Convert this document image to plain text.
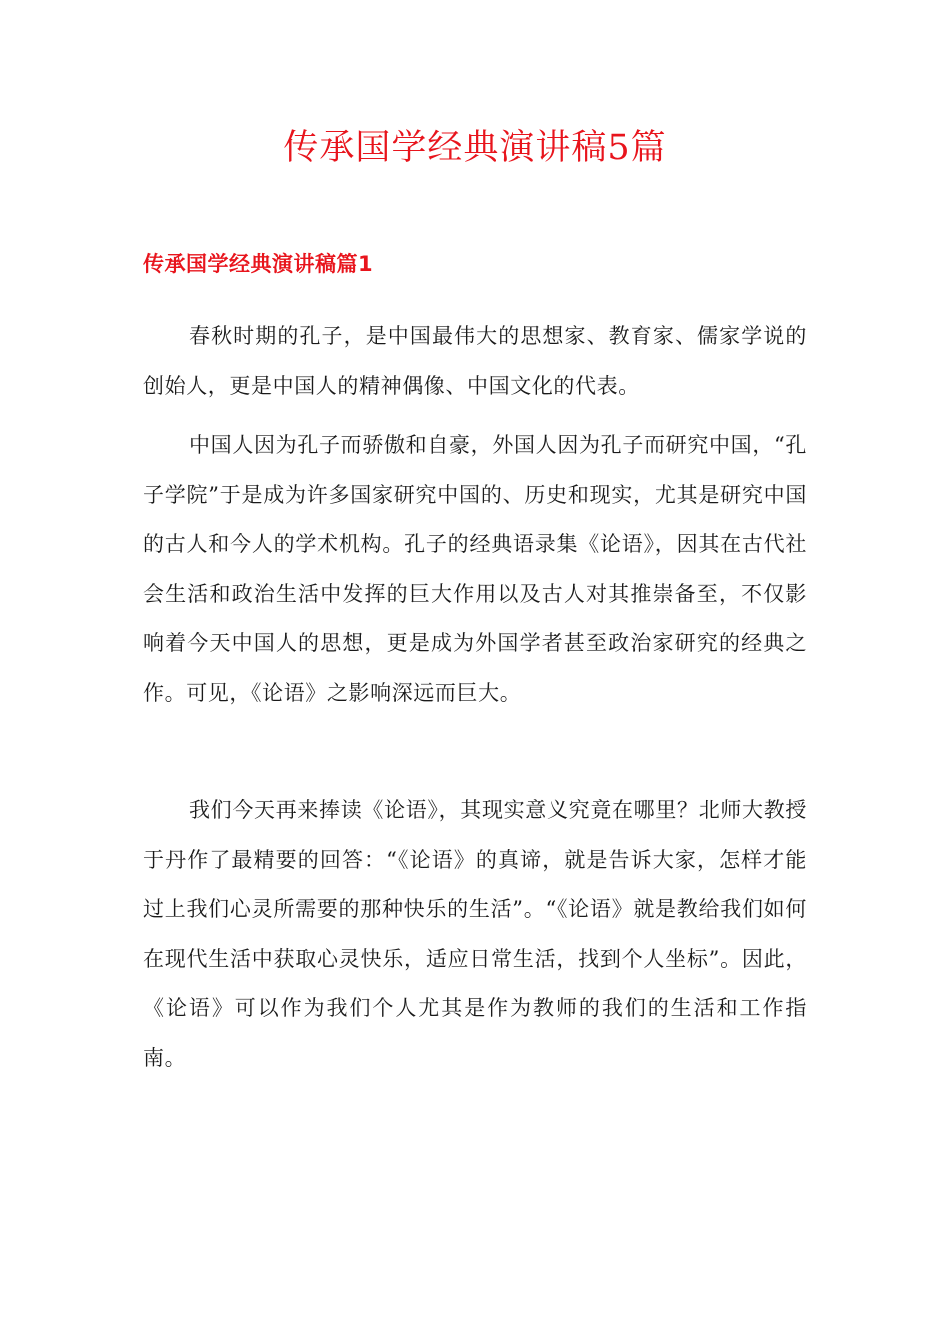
传承国学经典演讲稿5篇
传承国学经典演讲稿篇1

春秋时期的孔子，是中国最伟大的思想家、教育家、儒家学说的创始人，更是中国人的精神偶像、中国文化的代表。

中国人因为孔子而骄傲和自豪，外国人因为孔子而研究中国，“孔子学院”于是成为许多国家研究中国的、历史和现实，尤其是研究中国的古人和今人的学术机构。孔子的经典语录集《论语》，因其在古代社会生活和政治生活中发挥的巨大作用以及古人对其推崇备至，不仅影响着今天中国人的思想，更是成为外国学者甚至政治家研究的经典之作。可见，《论语》之影响深远而巨大。

我们今天再来捧读《论语》，其现实意义究竟在哪里？北师大教授于丹作了最精要的回答：“《论语》的真谛，就是告诉大家，怎样才能过上我们心灵所需要的那种快乐的生活”。“《论语》就是教给我们如何在现代生活中获取心灵快乐，适应日常生活，找到个人坐标”。因此，《论语》可以作为我们个人尤其是作为教师的我们的生活和工作指南。
